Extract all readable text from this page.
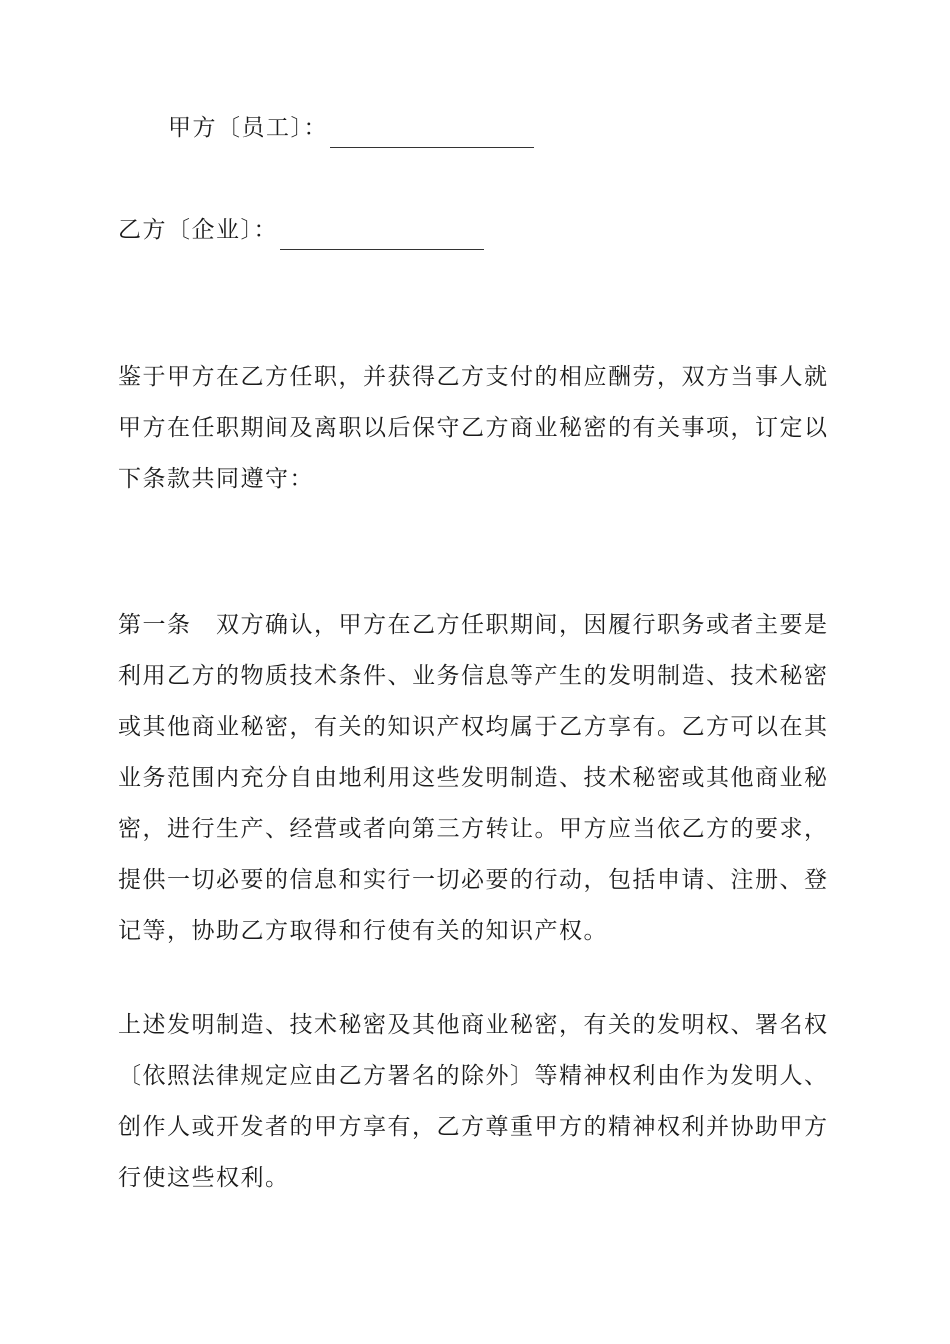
甲方〔员工〕：
乙方〔企业〕：
鉴于甲方在乙方任职，并获得乙方支付的相应酬劳，双方当事人就
甲方在任职期间及离职以后保守乙方商业秘密的有关事项，订定以
下条款共同遵守：
第一条　双方确认，甲方在乙方任职期间，因履行职务或者主要是
利用乙方的物质技术条件、业务信息等产生的发明制造、技术秘密
或其他商业秘密，有关的知识产权均属于乙方享有。乙方可以在其
业务范围内充分自由地利用这些发明制造、技术秘密或其他商业秘
密，进行生产、经营或者向第三方转让。甲方应当依乙方的要求，
提供一切必要的信息和实行一切必要的行动，包括申请、注册、登
记等，协助乙方取得和行使有关的知识产权。
上述发明制造、技术秘密及其他商业秘密，有关的发明权、署名权
〔依照法律规定应由乙方署名的除外〕等精神权利由作为发明人、
创作人或开发者的甲方享有，乙方尊重甲方的精神权利并协助甲方
行使这些权利。
